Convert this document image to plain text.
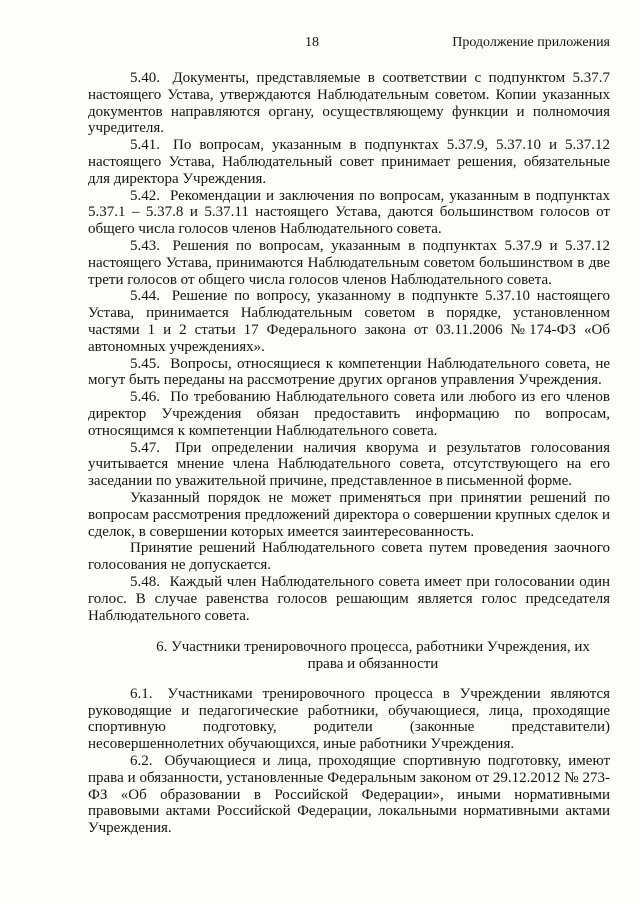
18	Продолжение приложения

5.40. Документы, представляемые в соответствии с подпунктом 5.37.7 настоящего Устава, утверждаются Наблюдательным советом. Копии указанных документов направляются органу, осуществляющему функции и полномочия учредителя.

5.41. По вопросам, указанным в подпунктах 5.37.9, 5.37.10 и 5.37.12 настоящего Устава, Наблюдательный совет принимает решения, обязательные для директора Учреждения.

5.42. Рекомендации и заключения по вопросам, указанным в подпунктах 5.37.1 – 5.37.8 и 5.37.11 настоящего Устава, даются большинством голосов от общего числа голосов членов Наблюдательного совета.

5.43. Решения по вопросам, указанным в подпунктах 5.37.9 и 5.37.12 настоящего Устава, принимаются Наблюдательным советом большинством в две трети голосов от общего числа голосов членов Наблюдательного совета.

5.44. Решение по вопросу, указанному в подпункте 5.37.10 настоящего Устава, принимается Наблюдательным советом в порядке, установленном частями 1 и 2 статьи 17 Федерального закона от 03.11.2006 №174-ФЗ «Об автономных учреждениях».

5.45. Вопросы, относящиеся к компетенции Наблюдательного совета, не могут быть переданы на рассмотрение других органов управления Учреждения.

5.46. По требованию Наблюдательного совета или любого из его членов директор Учреждения обязан предоставить информацию по вопросам, относящимся к компетенции Наблюдательного совета.

5.47. При определении наличия кворума и результатов голосования учитывается мнение члена Наблюдательного совета, отсутствующего на его заседании по уважительной причине, представленное в письменной форме.

Указанный порядок не может применяться при принятии решений по вопросам рассмотрения предложений директора о совершении крупных сделок и сделок, в совершении которых имеется заинтересованность.

Принятие решений Наблюдательного совета путем проведения заочного голосования не допускается.

5.48. Каждый член Наблюдательного совета имеет при голосовании один голос. В случае равенства голосов решающим является голос председателя Наблюдательного совета.

6. Участники тренировочного процесса, работники Учреждения, их права и обязанности

6.1. Участниками тренировочного процесса в Учреждении являются руководящие и педагогические работники, обучающиеся, лица, проходящие спортивную подготовку, родители (законные представители) несовершеннолетних обучающихся, иные работники Учреждения.

6.2. Обучающиеся и лица, проходящие спортивную подготовку, имеют права и обязанности, установленные Федеральным законом от 29.12.2012 № 273-ФЗ «Об образовании в Российской Федерации», иными нормативными правовыми актами Российской Федерации, локальными нормативными актами Учреждения.
